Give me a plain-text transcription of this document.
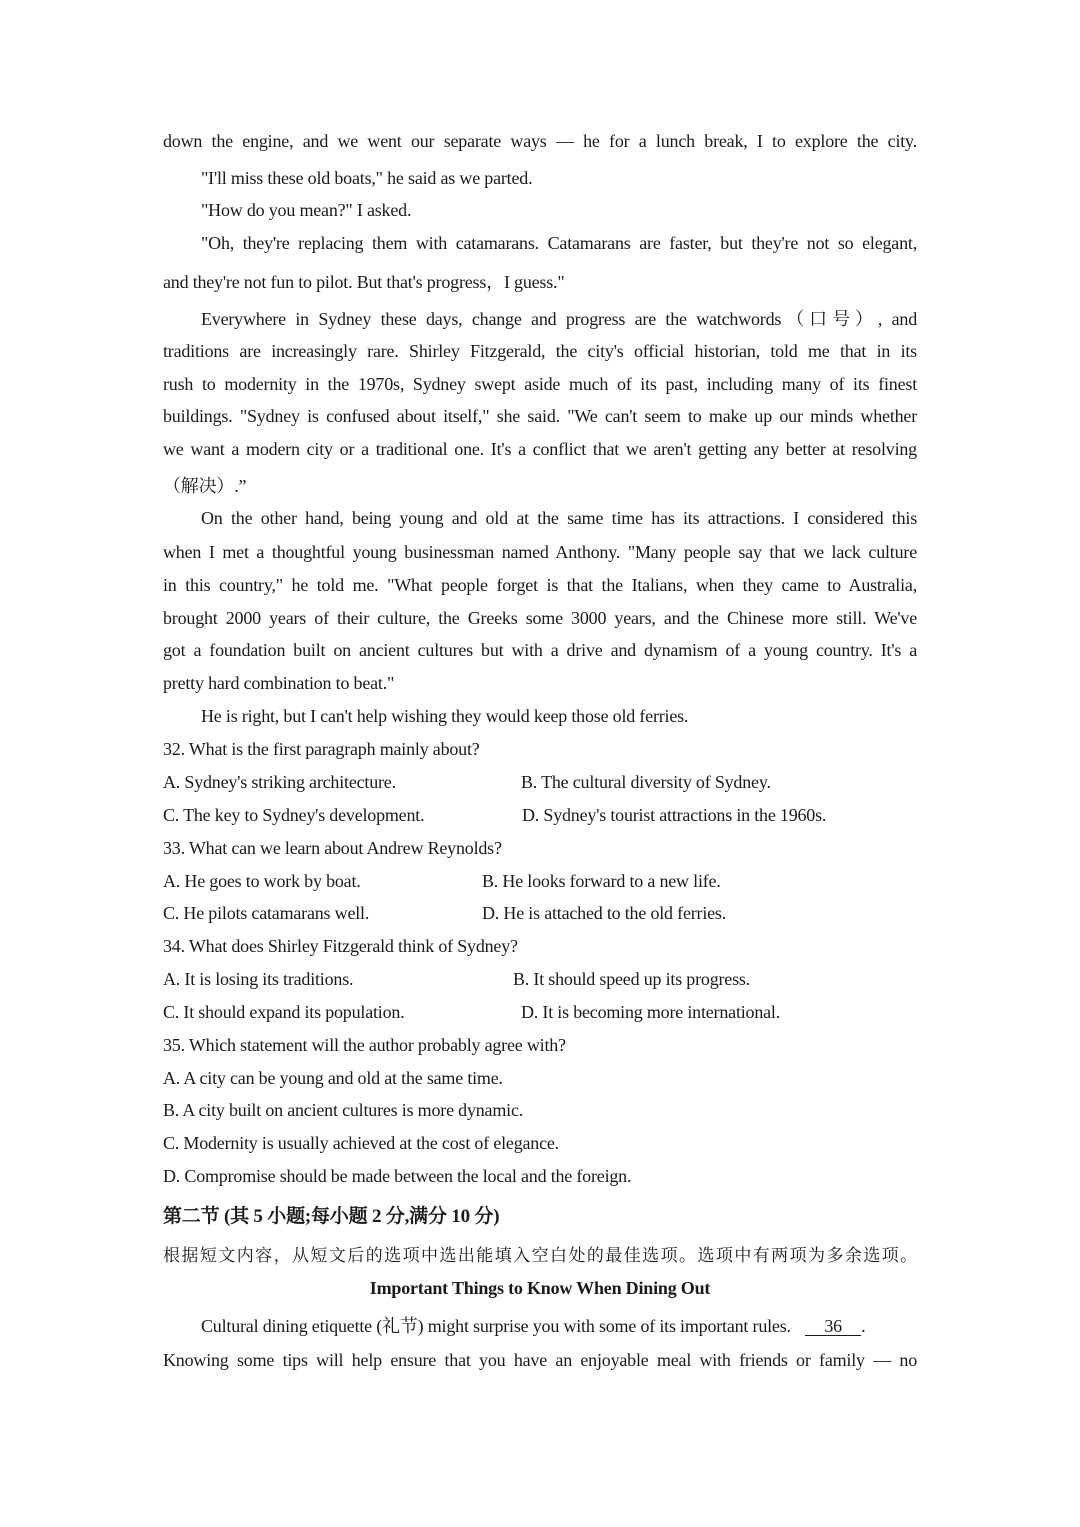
down the engine, and we went our separate ways — he for a lunch break, I to explore the city.
"I'll miss these old boats," he said as we parted.
"How do you mean?" I asked.
"Oh, they're replacing them with catamarans. Catamarans are faster, but they're not so elegant,
and they're not fun to pilot. But that's progress，I guess."
Everywhere in Sydney these days, change and progress are the watchwords（口号）, and
traditions are increasingly rare. Shirley Fitzgerald, the city's official historian, told me that in its
rush to modernity in the 1970s, Sydney swept aside much of its past, including many of its finest
buildings. "Sydney is confused about itself," she said. "We can't seem to make up our minds whether
we want a modern city or a traditional one. It's a conflict that we aren't getting any better at resolving
（解决）.”
On the other hand, being young and old at the same time has its attractions. I considered this
when I met a thoughtful young businessman named Anthony. "Many people say that we lack culture
in this country," he told me. "What people forget is that the Italians, when they came to Australia,
brought 2000 years of their culture, the Greeks some 3000 years, and the Chinese more still. We've
got a foundation built on ancient cultures but with a drive and dynamism of a young country. It's a
pretty hard combination to beat."
He is right, but I can't help wishing they would keep those old ferries.
32. What is the first paragraph mainly about?
A. Sydney's striking architecture.	B. The cultural diversity of Sydney.
C. The key to Sydney's development.	D. Sydney's tourist attractions in the 1960s.
33. What can we learn about Andrew Reynolds?
A. He goes to work by boat.	B. He looks forward to a new life.
C. He pilots catamarans well.	D. He is attached to the old ferries.
34. What does Shirley Fitzgerald think of Sydney?
A. It is losing its traditions.	B. It should speed up its progress.
C. It should expand its population.	D. It is becoming more international.
35. Which statement will the author probably agree with?
A. A city can be young and old at the same time.
B. A city built on ancient cultures is more dynamic.
C. Modernity is usually achieved at the cost of elegance.
D. Compromise should be made between the local and the foreign.
第二节 (其 5 小题;每小题 2 分,满分 10 分)
根据短文内容，从短文后的选项中选出能填入空白处的最佳选项。选项中有两项为多余选项。
Important Things to Know When Dining Out
Cultural dining etiquette (礼节) might surprise you with some of its important rules. 36 .
Knowing some tips will help ensure that you have an enjoyable meal with friends or family — no
